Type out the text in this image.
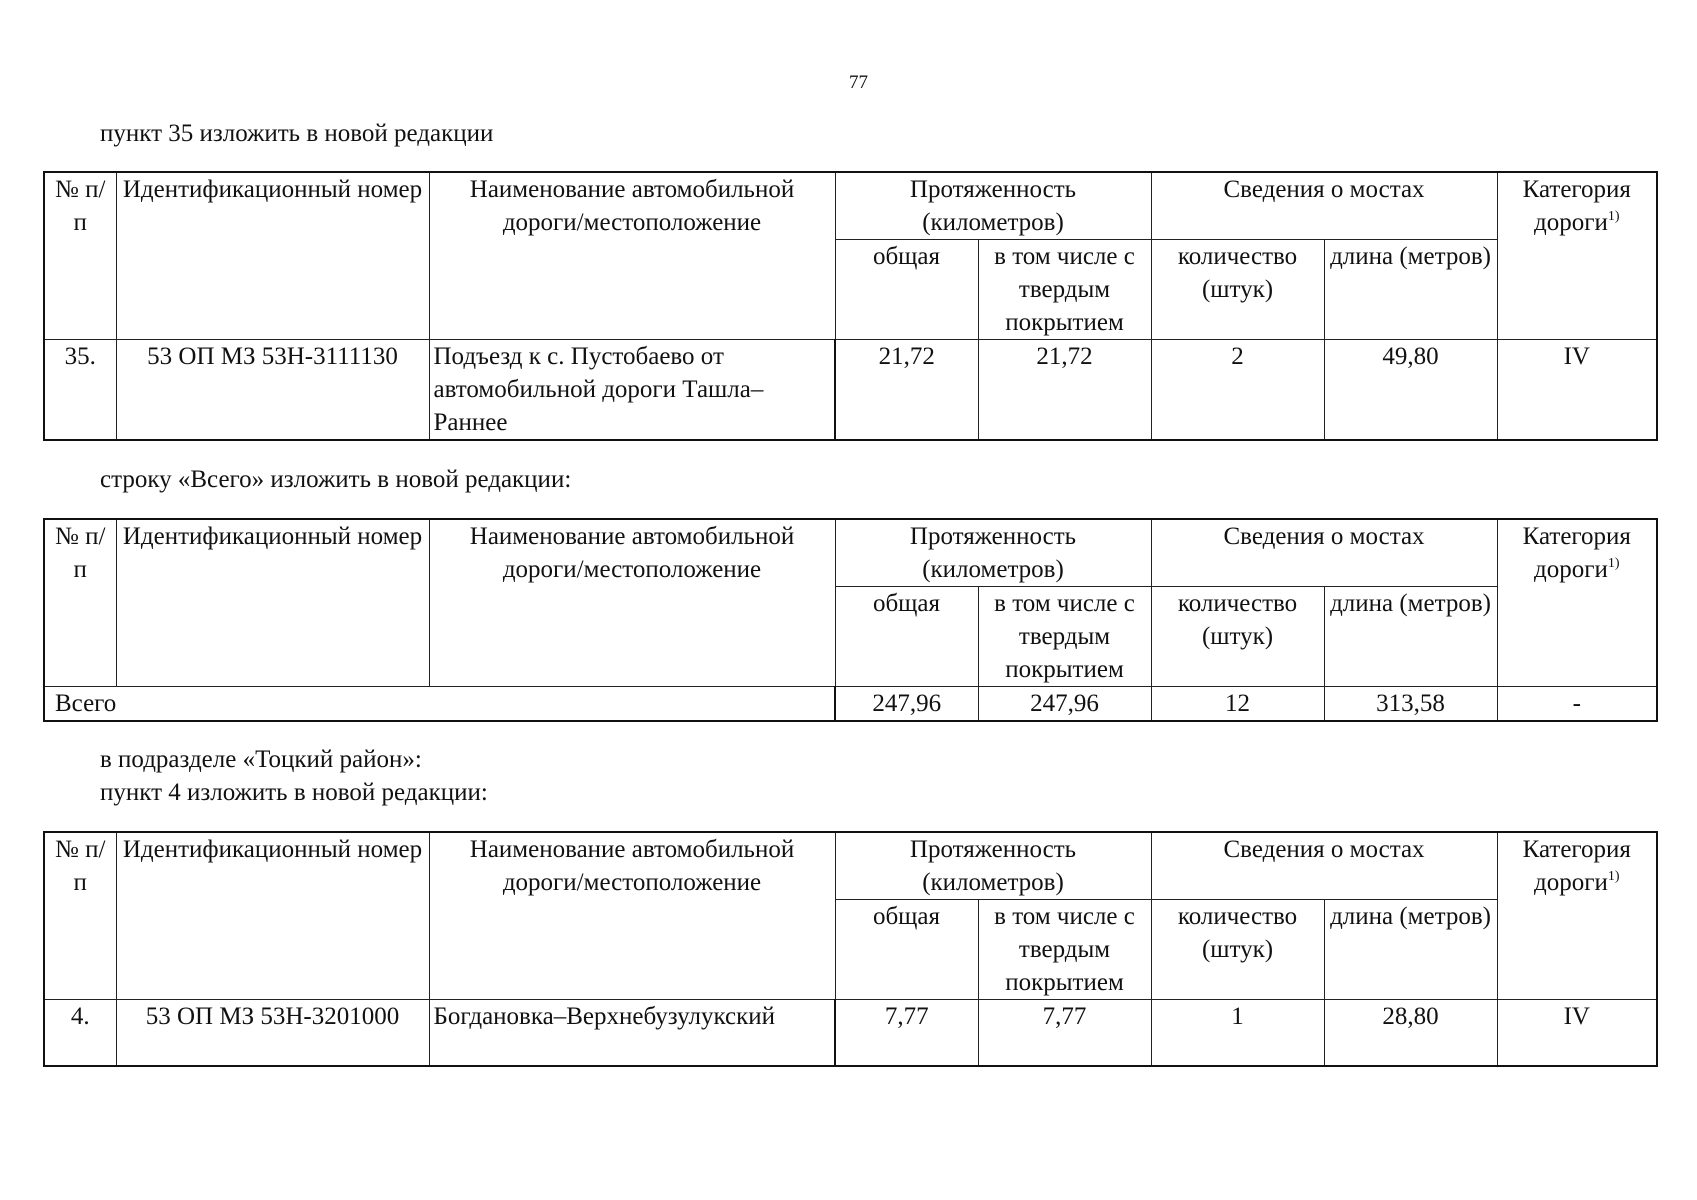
77
пункт 35 изложить в новой редакции
№ п/п	Идентификационный номер	Наименование автомобильной дороги/местоположение	Протяженность (километров)		Сведения о мостах		Категория дороги$^{1)}$
			общая	в том числе с твердым покрытием	количество (штук)	длина (метров)	
35.	53 ОП МЗ 53Н-3111130	Подъезд к с. Пустобаево от автомобильной дороги Ташла–Раннее	21,72	21,72	2	49,80	IV
строку «Всего» изложить в новой редакции:
№ п/п	Идентификационный номер	Наименование автомобильной дороги/местоположение	Протяженность (километров)		Сведения о мостах		Категория дороги$^{1)}$
			общая	в том числе с твердым покрытием	количество (штук)	длина (метров)	
Всего			247,96	247,96	12	313,58	-
в подразделе «Тоцкий район»:
пункт 4 изложить в новой редакции:
№ п/п	Идентификационный номер	Наименование автомобильной дороги/местоположение	Протяженность (километров)		Сведения о мостах		Категория дороги$^{1)}$
			общая	в том числе с твердым покрытием	количество (штук)	длина (метров)	
4.	53 ОП МЗ 53Н-3201000	Богдановка–Верхнебузулукский	7,77	7,77	1	28,80	IV
